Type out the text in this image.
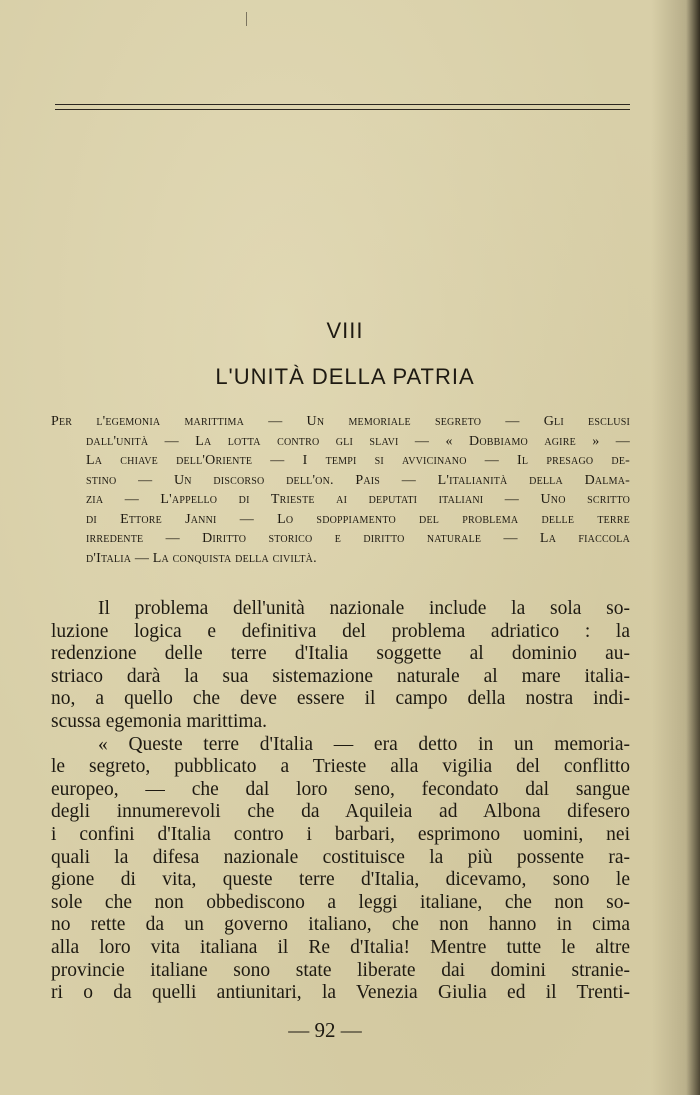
VIII
L'UNITÀ DELLA PATRIA
Per l'egemonia marittima — Un memoriale segreto — Gli esclusi
dall'unità — La lotta contro gli slavi — « Dobbiamo agire » —
La chiave dell'Oriente — I tempi si avvicinano — Il presago de-
stino — Un discorso dell'on. Pais — L'italianità della Dalma-
zia — L'appello di Trieste ai deputati italiani — Uno scritto
di Ettore Janni — Lo sdoppiamento del problema delle terre
irredente — Diritto storico e diritto naturale — La fiaccola
d'Italia — La conquista della civiltà.
Il problema dell'unità nazionale include la sola so-
luzione logica e definitiva del problema adriatico : la
redenzione delle terre d'Italia soggette al dominio au-
striaco darà la sua sistemazione naturale al mare italia-
no, a quello che deve essere il campo della nostra indi-
scussa egemonia marittima.
« Queste terre d'Italia — era detto in un memoria-
le segreto, pubblicato a Trieste alla vigilia del conflitto
europeo, — che dal loro seno, fecondato dal sangue
degli innumerevoli che da Aquileia ad Albona difesero
i confini d'Italia contro i barbari, esprimono uomini, nei
quali la difesa nazionale costituisce la più possente ra-
gione di vita, queste terre d'Italia, dicevamo, sono le
sole che non obbediscono a leggi italiane, che non so-
no rette da un governo italiano, che non hanno in cima
alla loro vita italiana il Re d'Italia! Mentre tutte le altre
provincie italiane sono state liberate dai domini stranie-
ri o da quelli antiunitari, la Venezia Giulia ed il Trenti-
— 92 —
